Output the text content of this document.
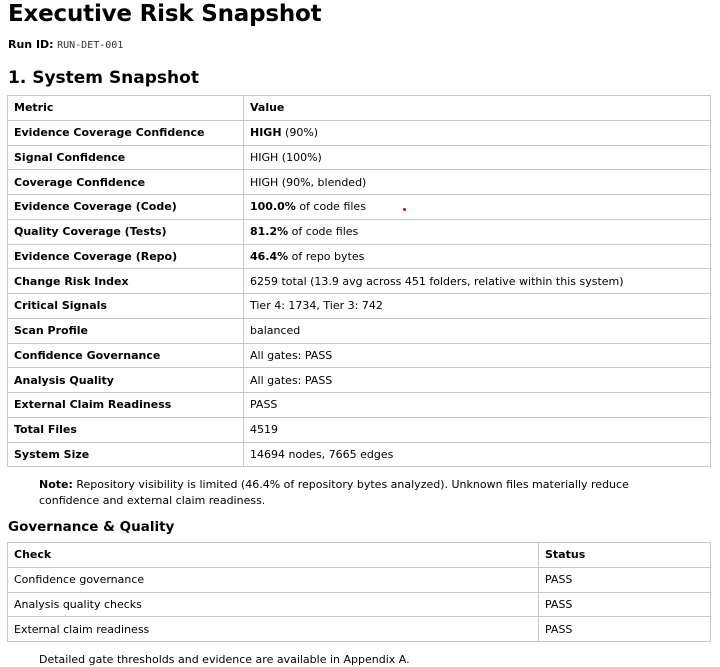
Executive Risk Snapshot
Run ID: RUN-DET-001
1. System Snapshot
Metric	Value
Evidence Coverage Confidence	HIGH (90%)
Signal Confidence	HIGH (100%)
Coverage Confidence	HIGH (90%, blended)
Evidence Coverage (Code)	100.0% of code files
Quality Coverage (Tests)	81.2% of code files
Evidence Coverage (Repo)	46.4% of repo bytes
Change Risk Index	6259 total (13.9 avg across 451 folders, relative within this system)
Critical Signals	Tier 4: 1734, Tier 3: 742
Scan Profile	balanced
Confidence Governance	All gates: PASS
Analysis Quality	All gates: PASS
External Claim Readiness	PASS
Total Files	4519
System Size	14694 nodes, 7665 edges
Note: Repository visibility is limited (46.4% of repository bytes analyzed). Unknown files materially reduce confidence and external claim readiness.
Governance & Quality
Check	Status
Confidence governance	PASS
Analysis quality checks	PASS
External claim readiness	PASS
Detailed gate thresholds and evidence are available in Appendix A.
